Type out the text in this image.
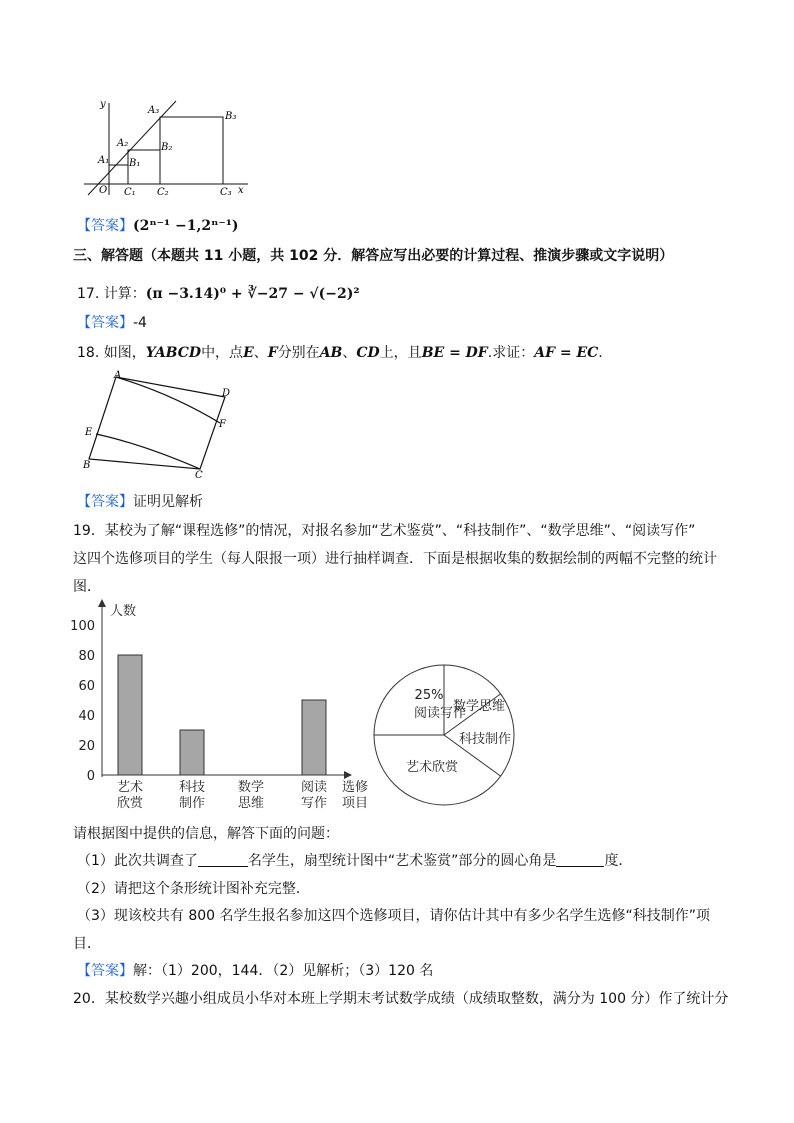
y
x
O
A₁
A₂
A₃
B₁
B₂
B₃
C₁ C₂	C₃
【答案】(2ⁿ⁻¹ −1,2ⁿ⁻¹)
三、解答题（本题共 11 小题，共 102 分．解答应写出必要的计算过程、推演步骤或文字说明）
17. 计算：(π −3.14)⁰ + ∛−27 − √(−2)²
【答案】-4
18. 如图，YABCD中，点E、F分别在AB、CD上，且BE = DF.求证：AF = EC.
A
D
F
E
B
C
【答案】证明见解析
19．某校为了解“课程选修”的情况，对报名参加“艺术鉴赏”、“科技制作”、“数学思维”、“阅读写作”
这四个选修项目的学生（每人限报一项）进行抽样调查．下面是根据收集的数据绘制的两幅不完整的统计
图．
人数
0
20
40
60
80
100
艺术
欣赏
科技
制作
数学
思维
阅读
写作
选修
项目
25%
阅读写作
数学思维
科技制作
艺术欣赏
请根据图中提供的信息，解答下面的问题：
（1）此次共调查了	名学生，扇型统计图中“艺术鉴赏”部分的圆心角是	度．
（2）请把这个条形统计图补充完整．
（3）现该校共有 800 名学生报名参加这四个选修项目，请你估计其中有多少名学生选修“科技制作”项
目．
【答案】解：（1）200，144．（2）见解析；（3）120 名
20．某校数学兴趣小组成员小华对本班上学期末考试数学成绩（成绩取整数，满分为 100 分）作了统计分
